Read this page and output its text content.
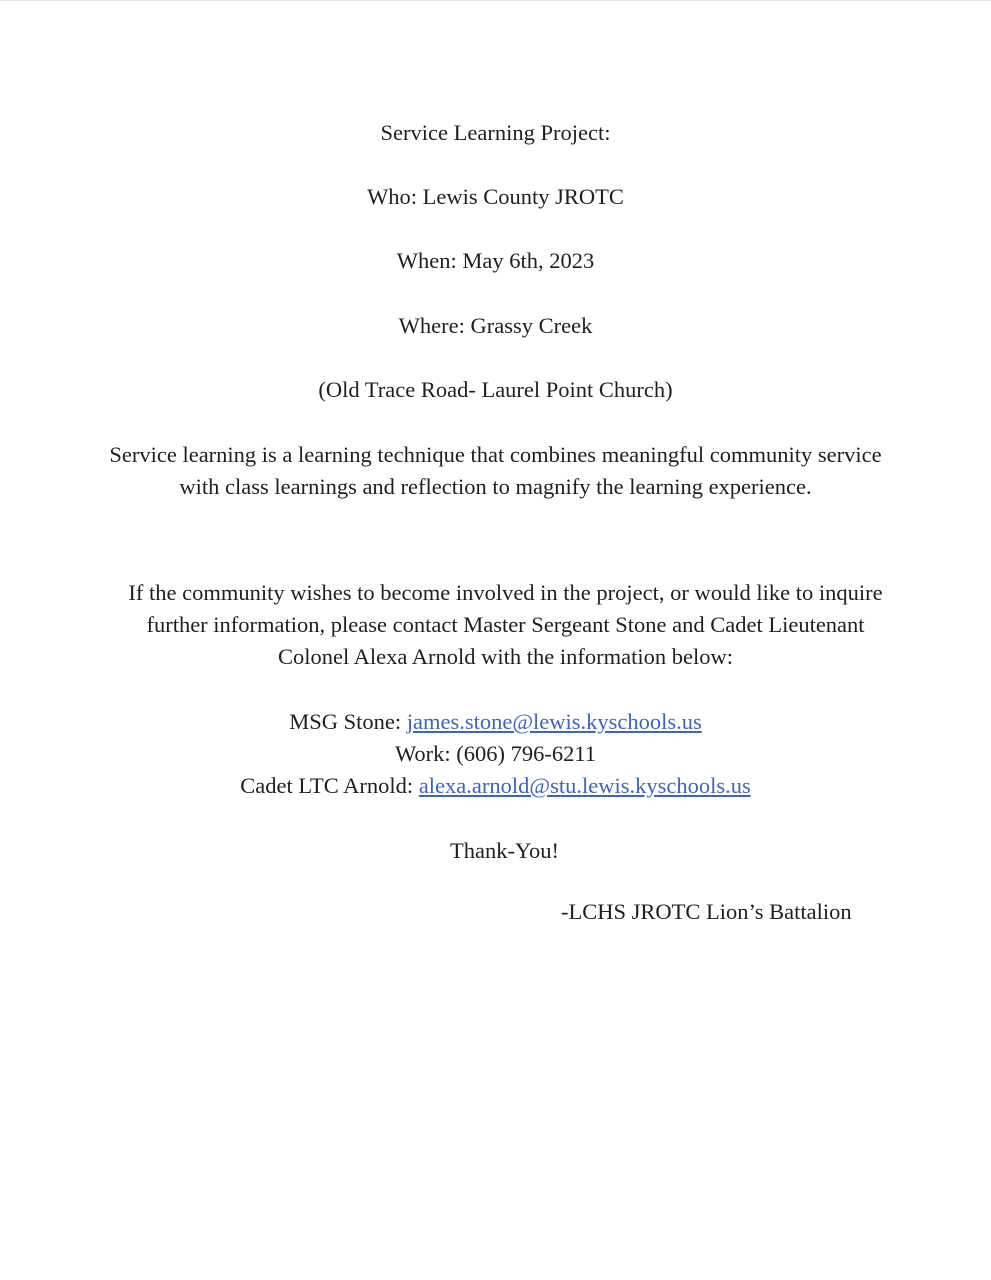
Service Learning Project:
Who: Lewis County JROTC
When: May 6th, 2023
Where: Grassy Creek
(Old Trace Road- Laurel Point Church)
Service learning is a learning technique that combines meaningful community service with class learnings and reflection to magnify the learning experience.
If the community wishes to become involved in the project, or would like to inquire further information, please contact Master Sergeant Stone and Cadet Lieutenant Colonel Alexa Arnold with the information below:
MSG Stone: james.stone@lewis.kyschools.us
Work: (606) 796-6211
Cadet LTC Arnold: alexa.arnold@stu.lewis.kyschools.us
Thank-You!
-LCHS JROTC Lion’s Battalion
